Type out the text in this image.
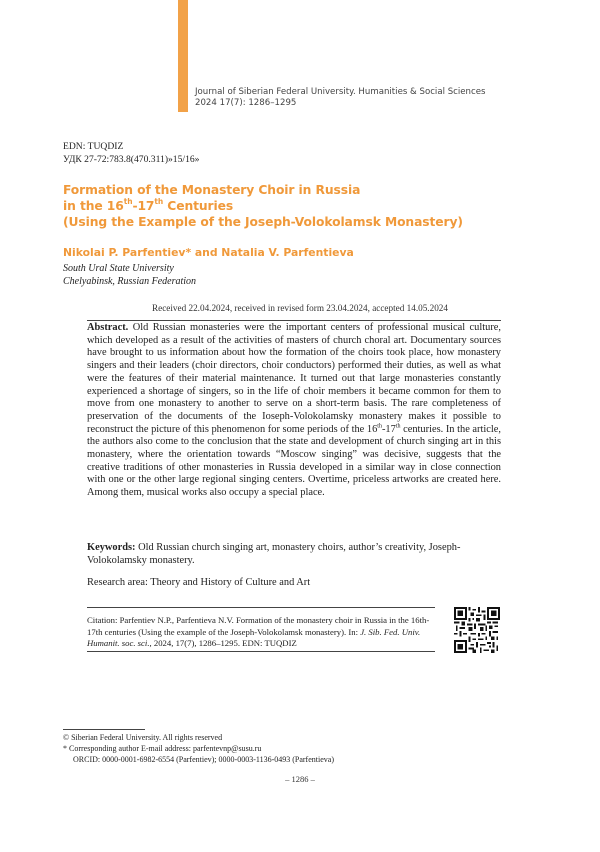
Journal of Siberian Federal University. Humanities & Social Sciences
2024 17(7): 1286–1295
EDN: TUQDIZ
УДК 27-72:783.8(470.311)»15/16»
Formation of the Monastery Choir in Russia
in the 16th-17th Centuries
(Using the Example of the Joseph-Volokolamsk Monastery)
Nikolai P. Parfentiev* and Natalia V. Parfentieva
South Ural State University
Chelyabinsk, Russian Federation
Received 22.04.2024, received in revised form 23.04.2024, accepted 14.05.2024
Abstract. Old Russian monasteries were the important centers of professional musical culture, which developed as a result of the activities of masters of church choral art. Documentary sources have brought to us information about how the formation of the choirs took place, how monastery singers and their leaders (choir directors, choir conductors) performed their duties, as well as what were the features of their material maintenance. It turned out that large monasteries constantly experienced a shortage of singers, so in the life of choir members it became common for them to move from one monastery to another to serve on a short-term basis. The rare completeness of preservation of the documents of the Ioseph-Volokolamsky monastery makes it possible to reconstruct the picture of this phenomenon for some periods of the 16th-17th centuries. In the article, the authors also come to the conclusion that the state and development of church singing art in this monastery, where the orientation towards “Moscow singing” was decisive, suggests that the creative traditions of other monasteries in Russia developed in a similar way in close connection with one or the other large regional singing centers. Overtime, priceless artworks are created here. Among them, musical works also occupy a special place.
Keywords: Old Russian church singing art, monastery choirs, author’s creativity, Joseph-Volokolamsky monastery.
Research area: Theory and History of Culture and Art
Citation: Parfentiev N.P., Parfentieva N.V. Formation of the monastery choir in Russia in the 16th-17th centuries (Using the example of the Joseph-Volokolamsk monastery). In: J. Sib. Fed. Univ. Humanit. soc. sci., 2024, 17(7), 1286–1295. EDN: TUQDIZ
© Siberian Federal University. All rights reserved
* Corresponding author E-mail address: parfentevnp@susu.ru
ORCID: 0000-0001-6982-6554 (Parfentiev); 0000-0003-1136-0493 (Parfentieva)
– 1286 –
